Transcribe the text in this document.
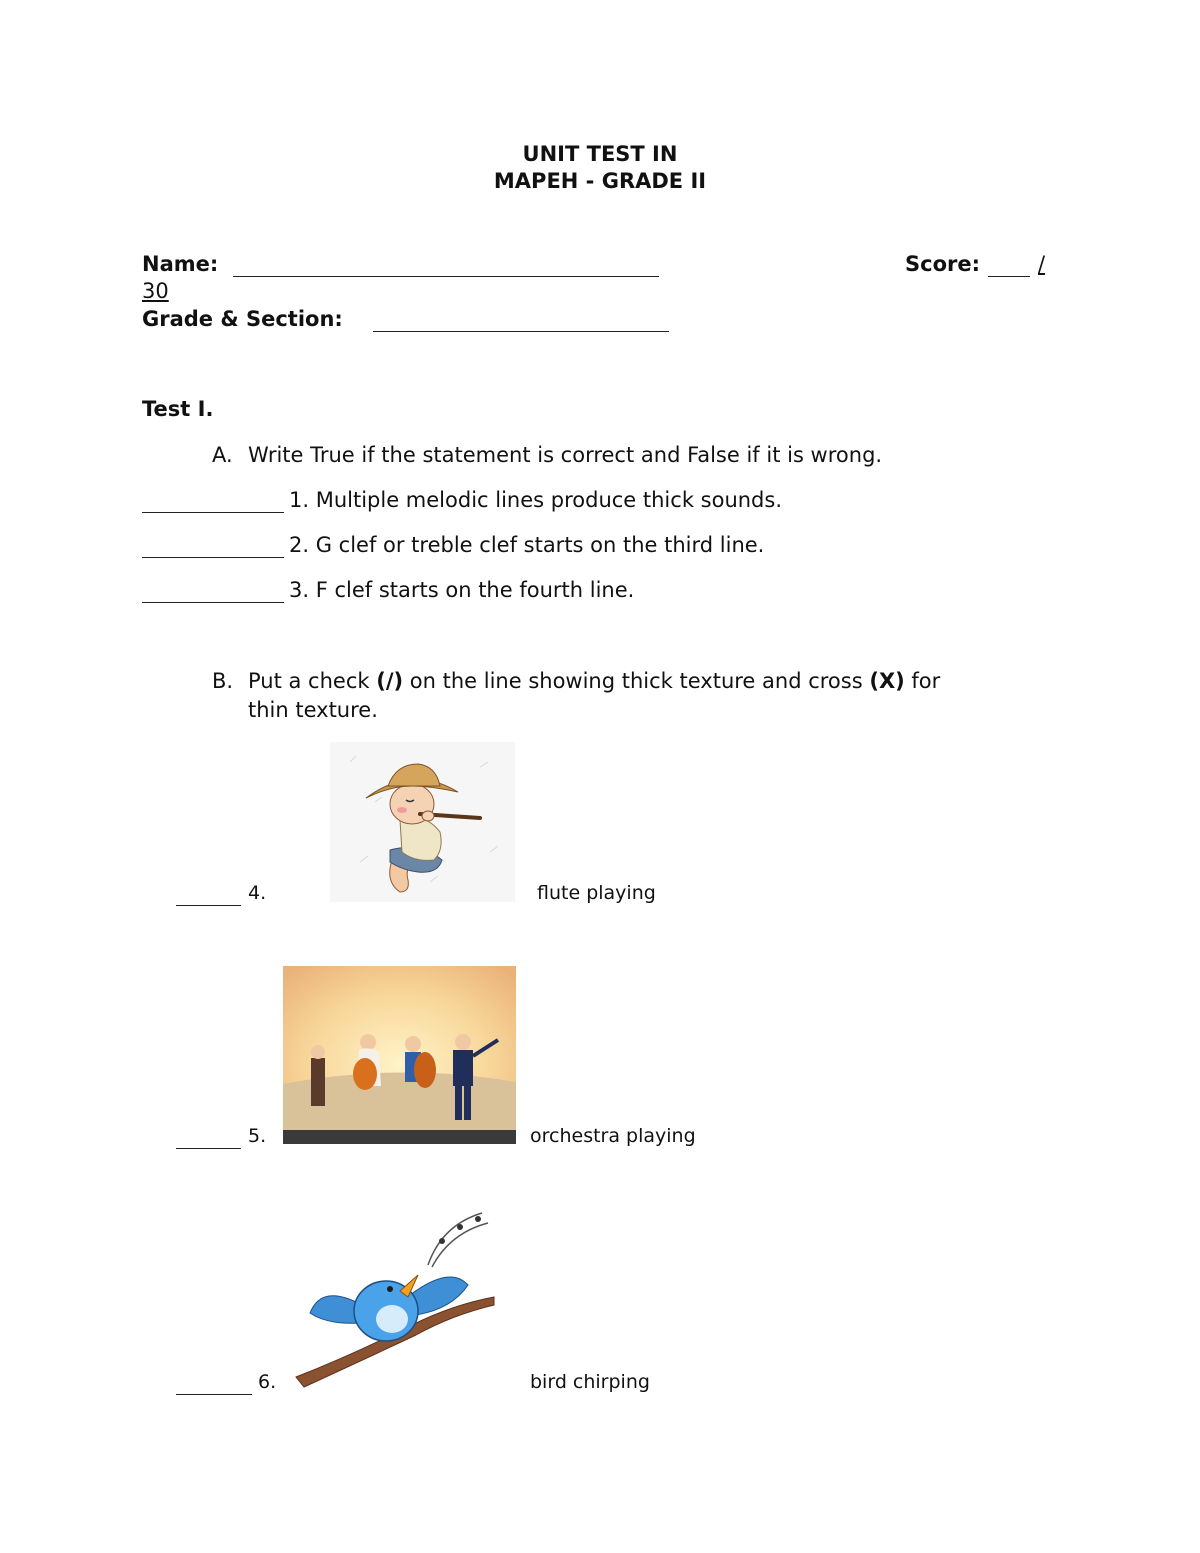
UNIT TEST IN
MAPEH - GRADE II
Name:	Score:	/
30
Grade & Section:
Test I.
A. Write True if the statement is correct and False if it is wrong.
1. Multiple melodic lines produce thick sounds.
2. G clef or treble clef starts on the third line.
3. F clef starts on the fourth line.
B. Put a check (/) on the line showing thick texture and cross (X) for
thin texture.
4.	flute playing
5.	orchestra playing
6.	bird chirping
